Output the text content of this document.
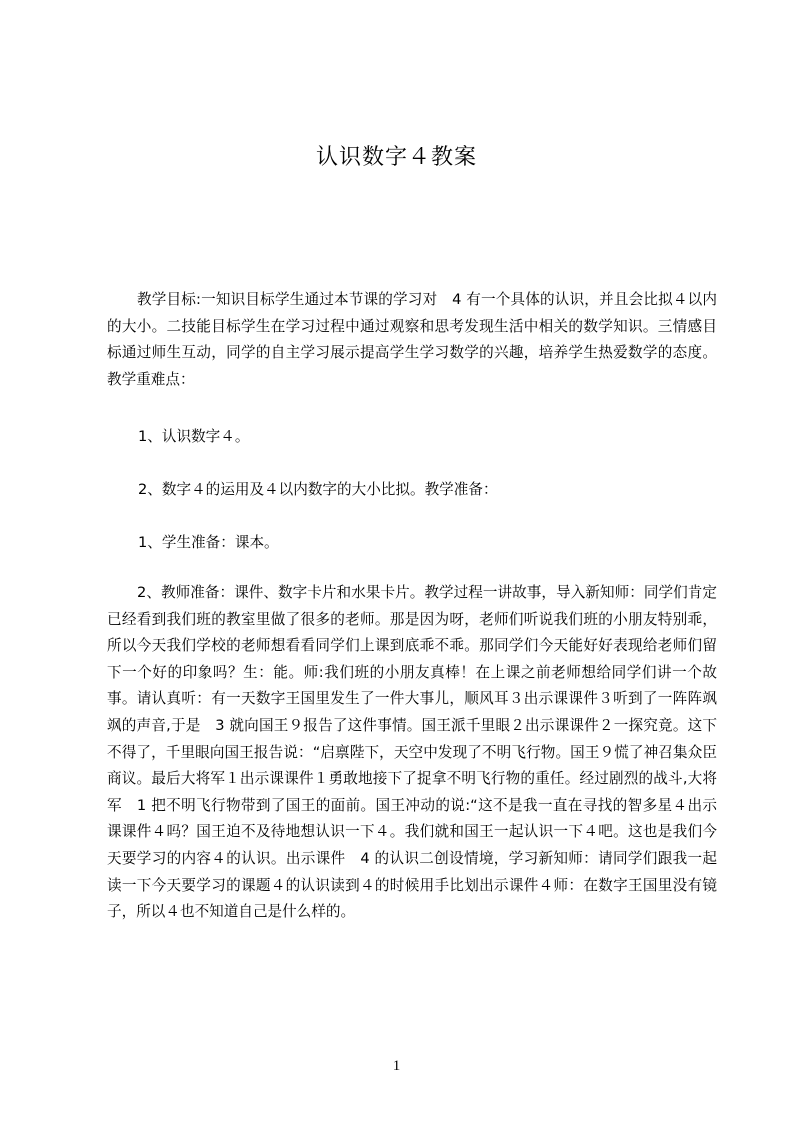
认识数字４教案
教学目标:一知识目标学生通过本节课的学习对　4 有一个具体的认识，并且会比拟４以内的大小。二技能目标学生在学习过程中通过观察和思考发现生活中相关的数学知识。三情感目标通过师生互动，同学的自主学习展示提高学生学习数学的兴趣，培养学生热爱数学的态度。教学重难点：
1、认识数字４。
2、数字４的运用及４以内数字的大小比拟。教学准备：
1、学生准备：课本。
2、教师准备：课件、数字卡片和水果卡片。教学过程一讲故事，导入新知师：同学们肯定已经看到我们班的教室里做了很多的老师。那是因为呀，老师们听说我们班的小朋友特别乖，所以今天我们学校的老师想看看同学们上课到底乖不乖。那同学们今天能好好表现给老师们留下一个好的印象吗？生：能。师:我们班的小朋友真棒！在上课之前老师想给同学们讲一个故事。请认真听：有一天数字王国里发生了一件大事儿，顺风耳３出示课课件３听到了一阵阵飒飒的声音,于是　3 就向国王９报告了这件事情。国王派千里眼２出示课课件２一探究竟。这下不得了，千里眼向国王报告说：“启禀陛下，天空中发现了不明飞行物。国王９慌了神召集众臣商议。最后大将军１出示课课件１勇敢地接下了捉拿不明飞行物的重任。经过剧烈的战斗,大将军　1 把不明飞行物带到了国王的面前。国王冲动的说:“这不是我一直在寻找的智多星４出示课课件４吗？国王迫不及待地想认识一下４。我们就和国王一起认识一下４吧。这也是我们今天要学习的内容４的认识。出示课件　4 的认识二创设情境，学习新知师：请同学们跟我一起读一下今天要学习的课题４的认识读到４的时候用手比划出示课件４师：在数字王国里没有镜子，所以４也不知道自己是什么样的。
1
